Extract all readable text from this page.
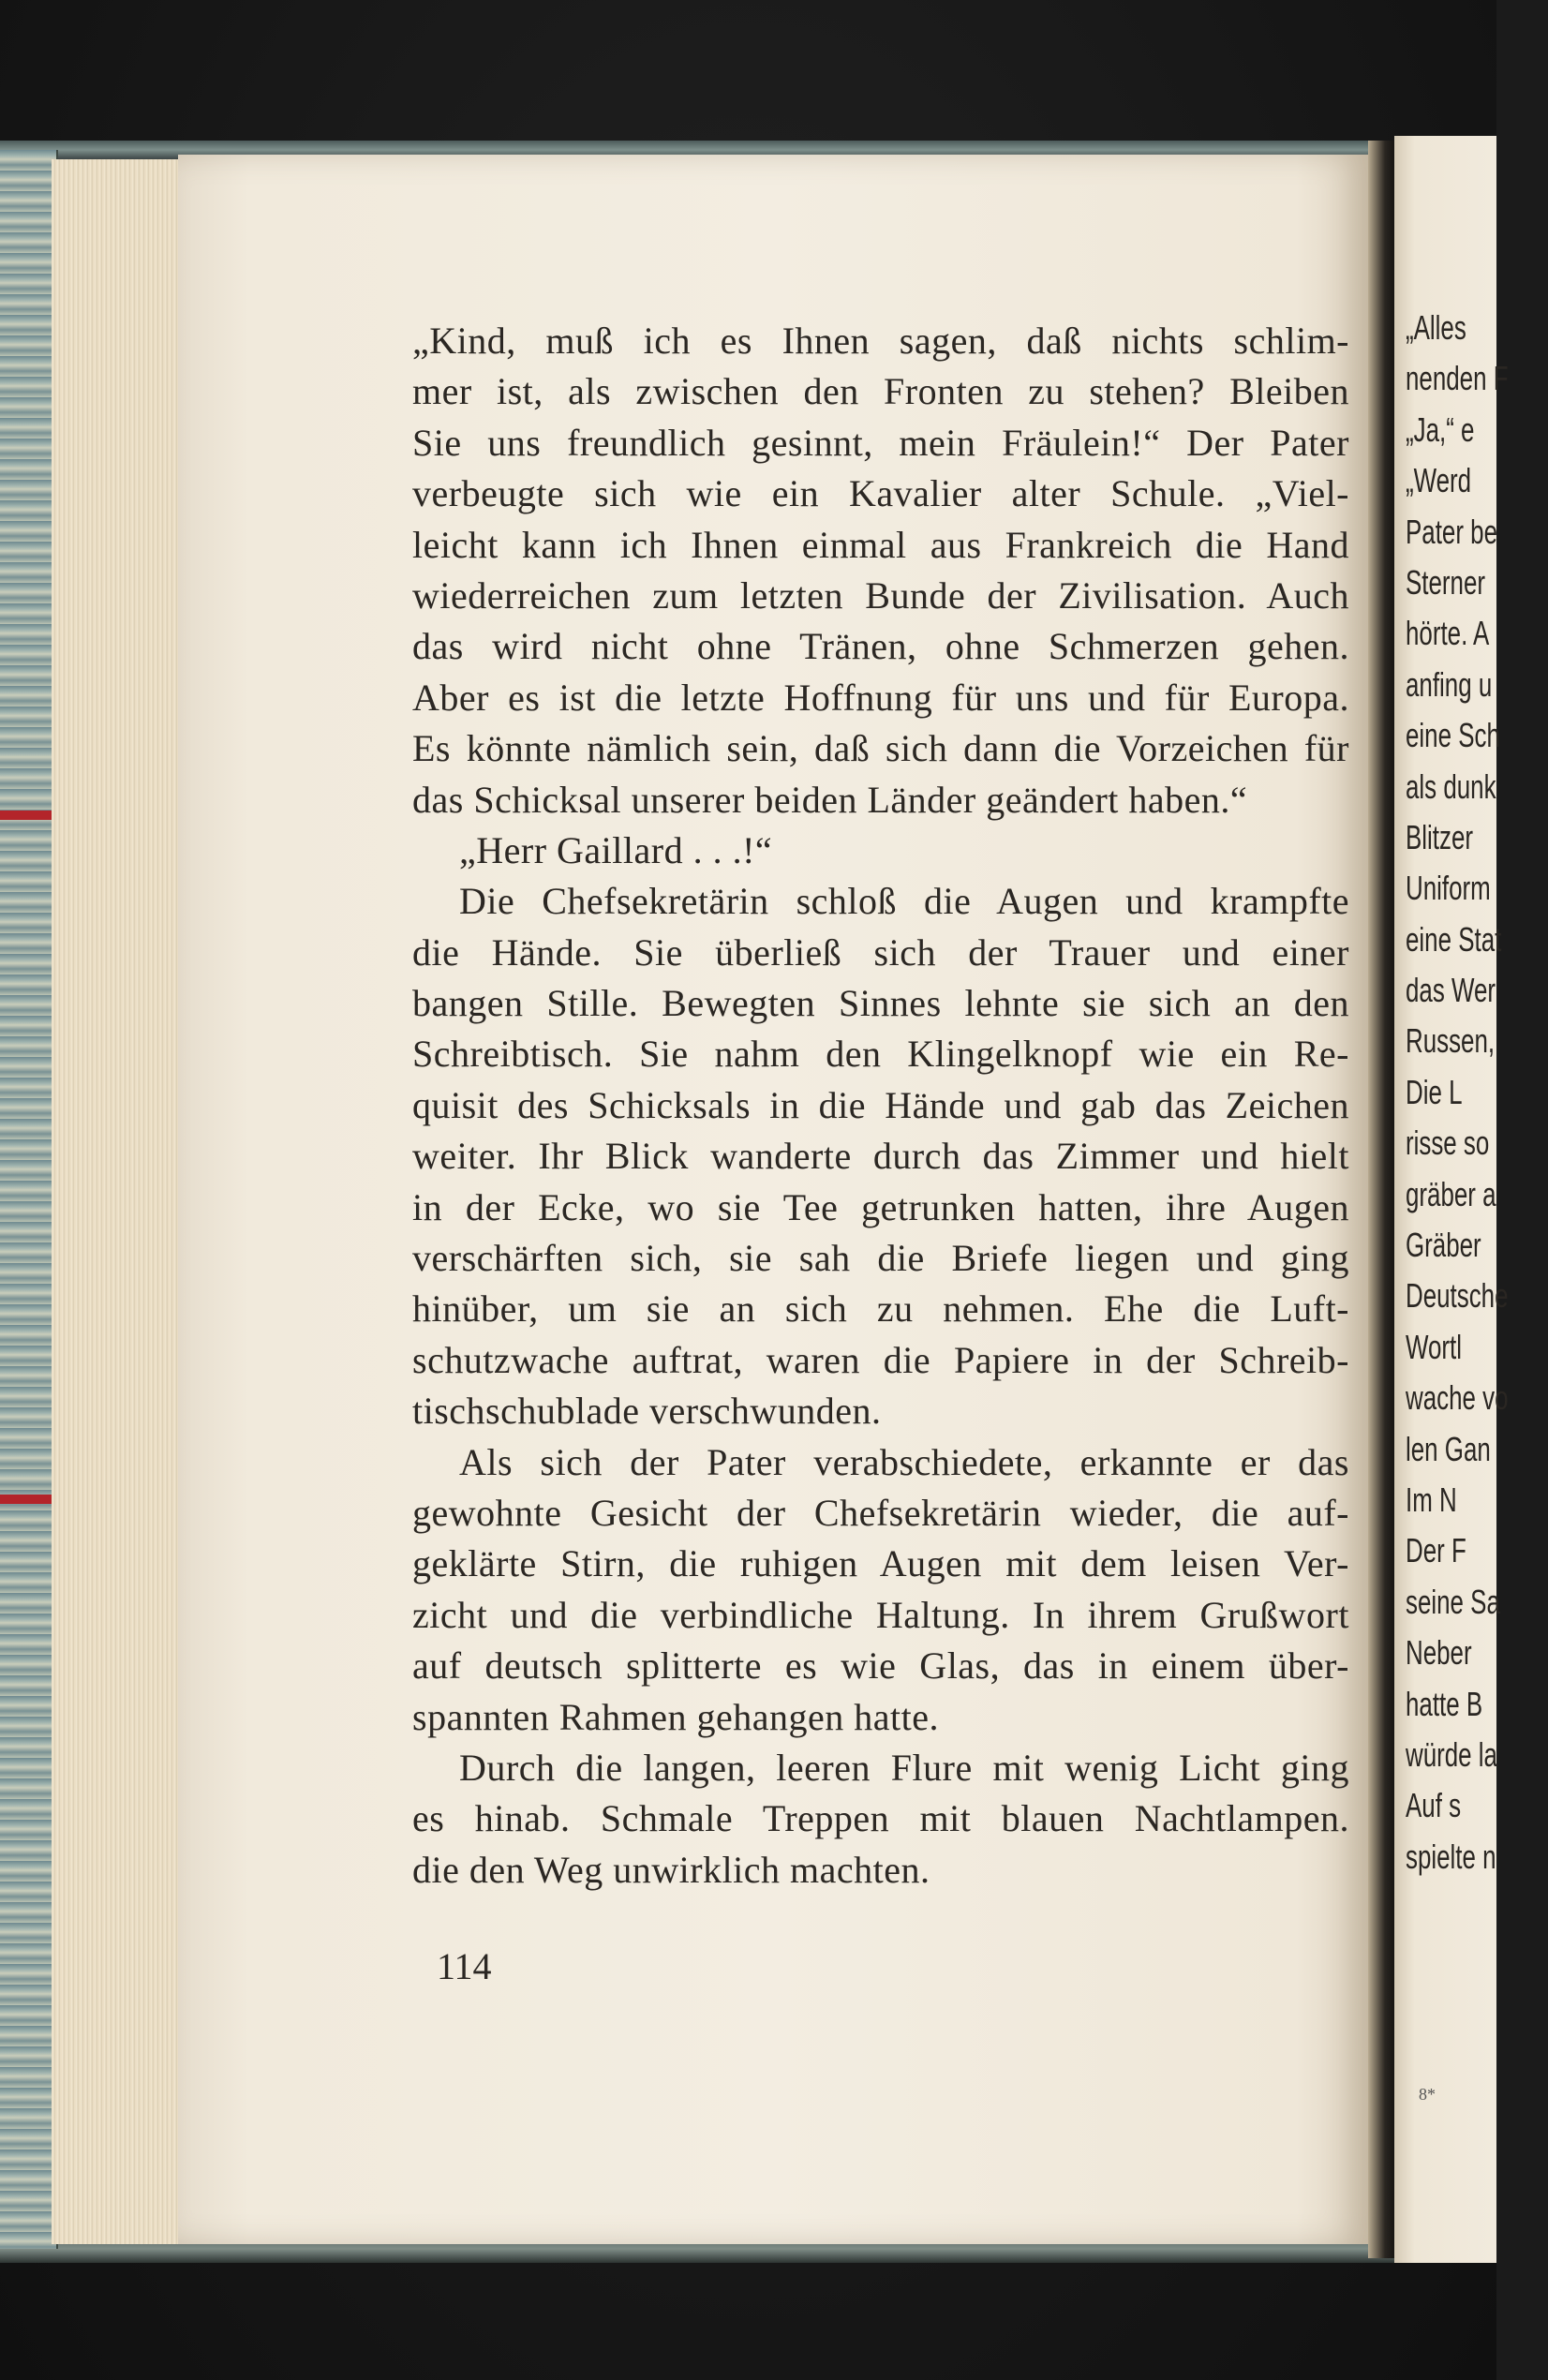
„Alles
nenden F
„Ja,“ e
„Werd
Pater be
Sterner
hörte. A
anfing u
eine Sch
als dunk
Blitzer
Uniform
eine Stat
das Wer
Russen,
Die L
risse so
gräber a
Gräber
Deutsche
Wortl
wache vo
len Gan
Im N
Der F
seine Sa
Neber
hatte B
würde la
Auf s
spielte n
8*
„Kind, muß ich es Ihnen sagen, daß nichts schlim-
mer ist, als zwischen den Fronten zu stehen? Bleiben
Sie uns freundlich gesinnt, mein Fräulein!“ Der Pater
verbeugte sich wie ein Kavalier alter Schule. „Viel-
leicht kann ich Ihnen einmal aus Frankreich die Hand
wiederreichen zum letzten Bunde der Zivilisation. Auch
das wird nicht ohne Tränen, ohne Schmerzen gehen.
Aber es ist die letzte Hoffnung für uns und für Europa.
Es könnte nämlich sein, daß sich dann die Vorzeichen für
das Schicksal unserer beiden Länder geändert haben.“
„Herr Gaillard . . .!“
Die Chefsekretärin schloß die Augen und krampfte
die Hände. Sie überließ sich der Trauer und einer
bangen Stille. Bewegten Sinnes lehnte sie sich an den
Schreibtisch. Sie nahm den Klingelknopf wie ein Re-
quisit des Schicksals in die Hände und gab das Zeichen
weiter. Ihr Blick wanderte durch das Zimmer und hielt
in der Ecke, wo sie Tee getrunken hatten, ihre Augen
verschärften sich, sie sah die Briefe liegen und ging
hinüber, um sie an sich zu nehmen. Ehe die Luft-
schutzwache auftrat, waren die Papiere in der Schreib-
tischschublade verschwunden.
Als sich der Pater verabschiedete, erkannte er das
gewohnte Gesicht der Chefsekretärin wieder, die auf-
geklärte Stirn, die ruhigen Augen mit dem leisen Ver-
zicht und die verbindliche Haltung. In ihrem Grußwort
auf deutsch splitterte es wie Glas, das in einem über-
spannten Rahmen gehangen hatte.
Durch die langen, leeren Flure mit wenig Licht ging
es hinab. Schmale Treppen mit blauen Nachtlampen.
die den Weg unwirklich machten.
114
